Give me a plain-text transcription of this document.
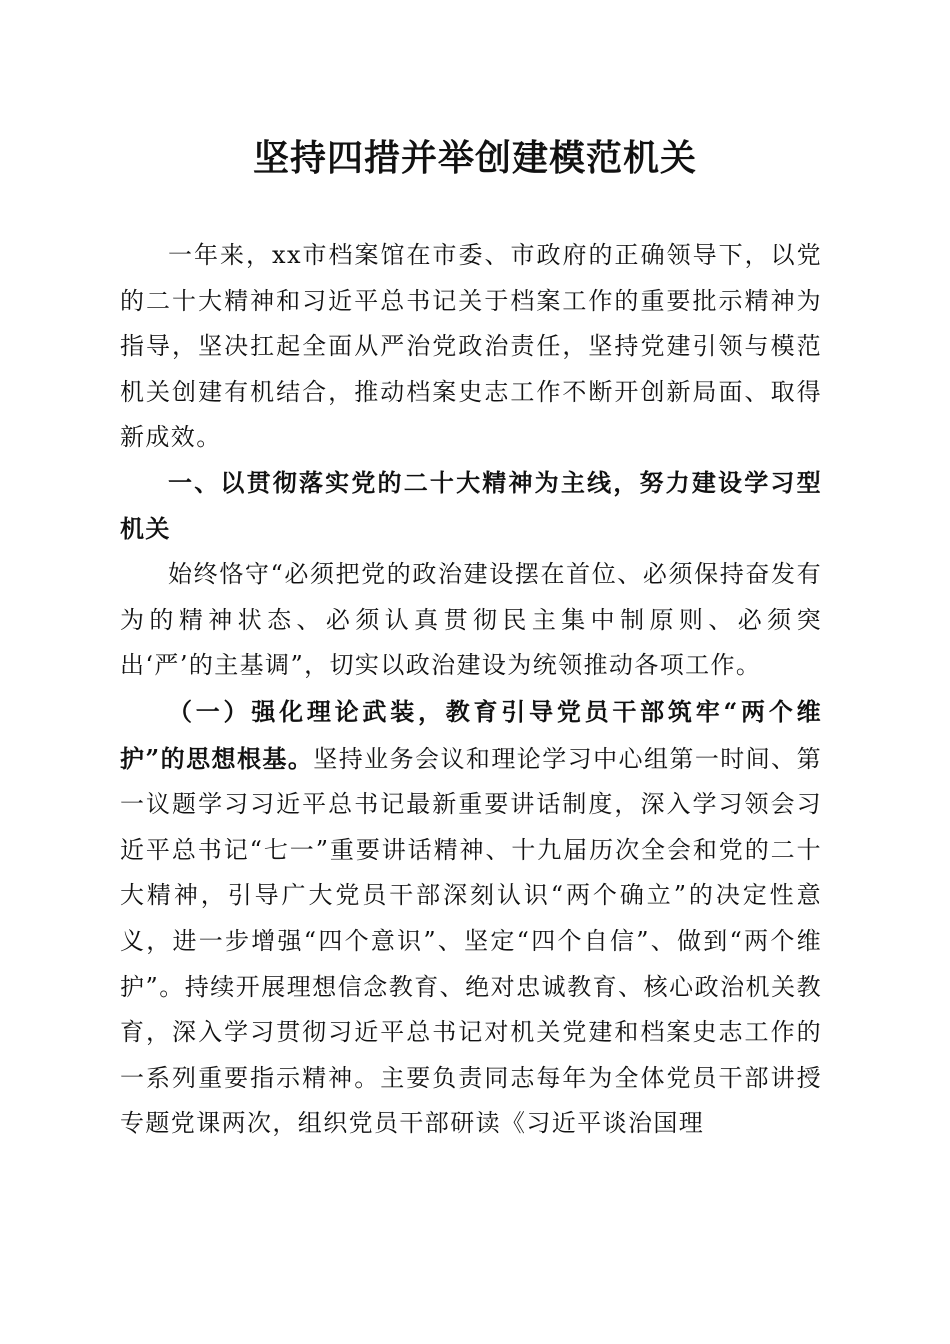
坚持四措并举创建模范机关

一年来，xx市档案馆在市委、市政府的正确领导下，以党的二十大精神和习近平总书记关于档案工作的重要批示精神为指导，坚决扛起全面从严治党政治责任，坚持党建引领与模范机关创建有机结合，推动档案史志工作不断开创新局面、取得新成效。

一、以贯彻落实党的二十大精神为主线，努力建设学习型机关

始终恪守“必须把党的政治建设摆在首位、必须保持奋发有为的精神状态、必须认真贯彻民主集中制原则、必须突出‘严’的主基调”，切实以政治建设为统领推动各项工作。

（一）强化理论武装，教育引导党员干部筑牢“两个维护”的思想根基。坚持业务会议和理论学习中心组第一时间、第一议题学习习近平总书记最新重要讲话制度，深入学习领会习近平总书记“七一”重要讲话精神、十九届历次全会和党的二十大精神，引导广大党员干部深刻认识“两个确立”的决定性意义，进一步增强“四个意识”、坚定“四个自信”、做到“两个维护”。持续开展理想信念教育、绝对忠诚教育、核心政治机关教育，深入学习贯彻习近平总书记对机关党建和档案史志工作的一系列重要指示精神。主要负责同志每年为全体党员干部讲授专题党课两次，组织党员干部研读《习近平谈治国理
